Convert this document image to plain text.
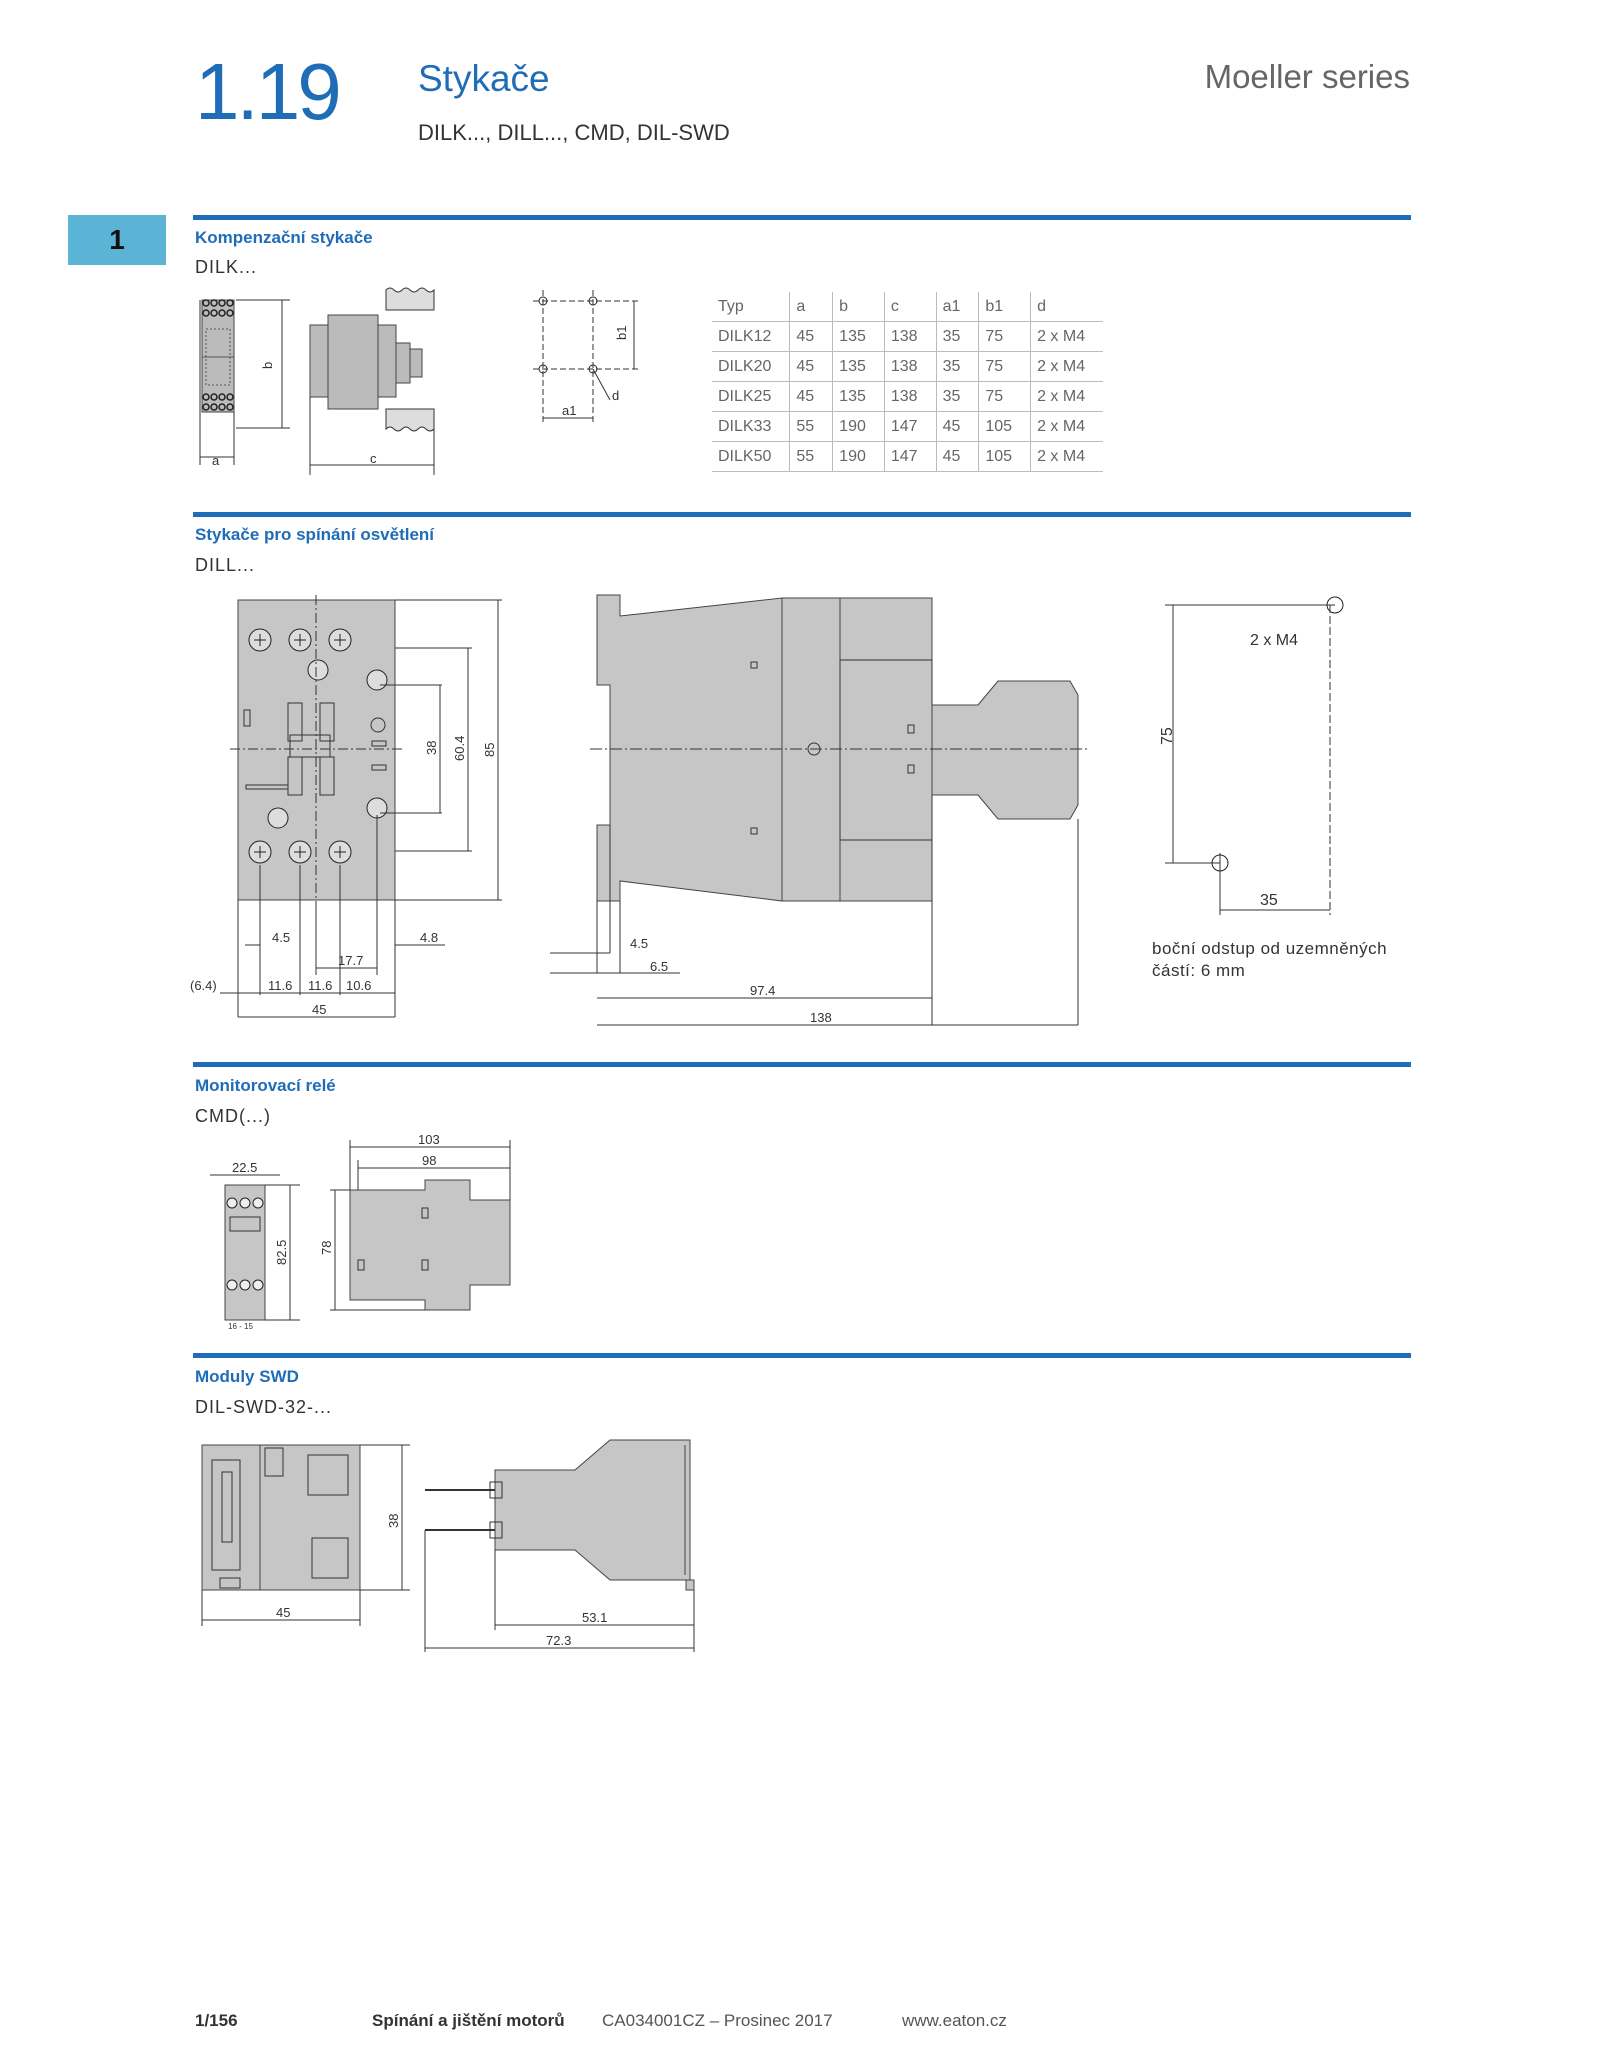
1.19 Stykače
DILK..., DILL..., CMD, DIL-SWD
Moeller series
1	Kompenzační stykače
DILK...
a
b
c
b1
a1
d
Typ	a	b	c	a1	b1	d
DILK12	45	135	138	35	75	2 x M4
DILK20	45	135	138	35	75	2 x M4
DILK25	45	135	138	35	75	2 x M4
DILK33	55	190	147	45	105	2 x M4
DILK50	55	190	147	45	105	2 x M4
Stykače pro spínání osvětlení
DILL...
38 60.4 85
4.5	4.8
17.7
(6.4)	11.6 11.6 10.6
45
4.5
6.5
97.4
138
75
35
2 x M4
boční odstup od uzemněných
částí: 6 mm
Monitorovací relé
CMD(...)
22.5
82.5
16 - 15
103
98
78
Moduly SWD
DIL-SWD-32-...
38
45	53.1
72.3
1/156	Spínání a jištění motorů CA034001CZ – Prosinec 2017	www.eaton.cz
